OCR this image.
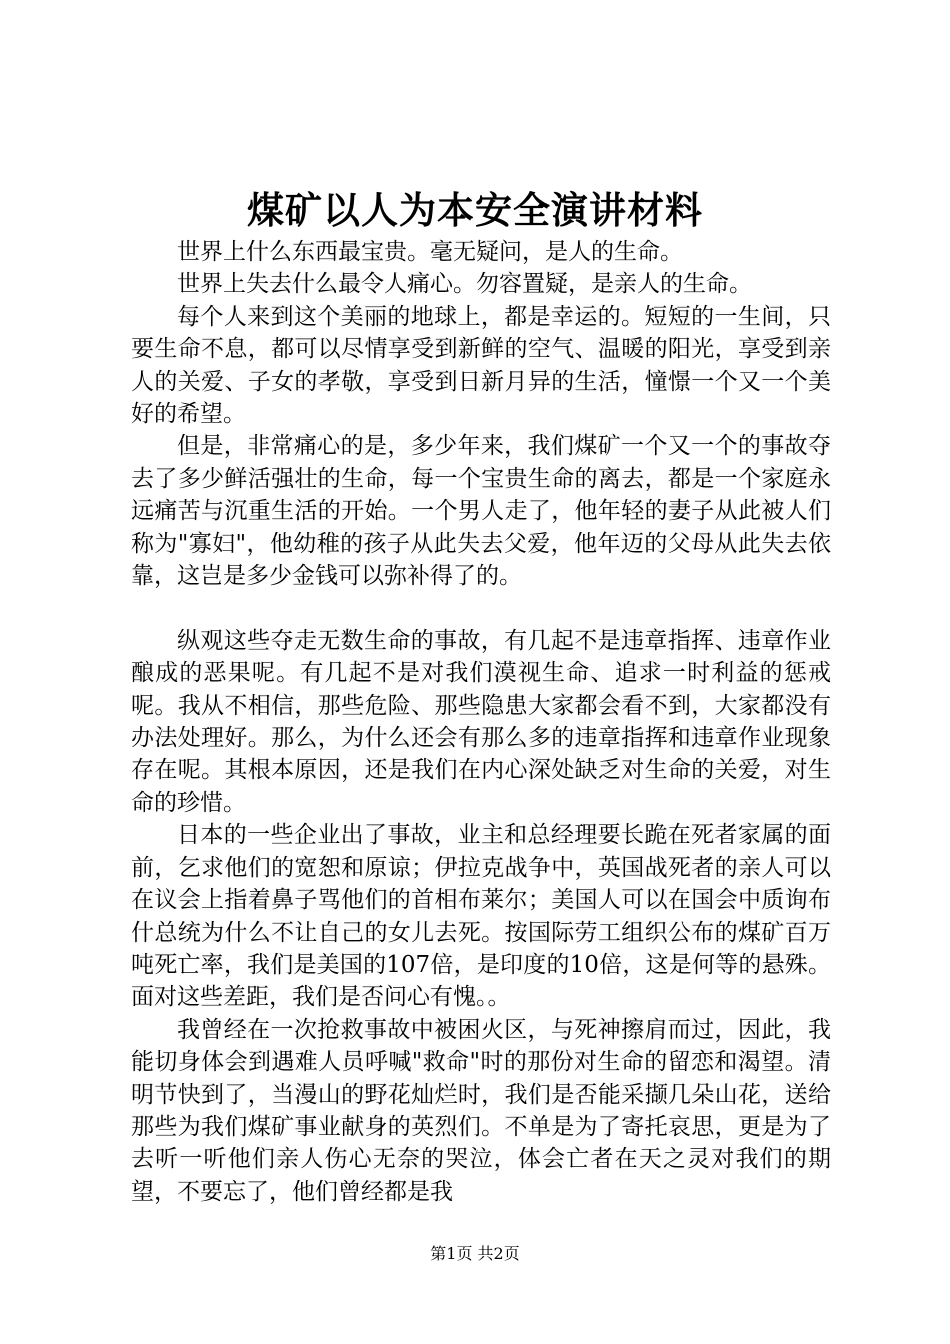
煤矿以人为本安全演讲材料

世界上什么东西最宝贵。毫无疑问，是人的生命。

世界上失去什么最令人痛心。勿容置疑，是亲人的生命。

每个人来到这个美丽的地球上，都是幸运的。短短的一生间，只要生命不息，都可以尽情享受到新鲜的空气、温暖的阳光，享受到亲人的关爱、子女的孝敬，享受到日新月异的生活，憧憬一个又一个美好的希望。

但是，非常痛心的是，多少年来，我们煤矿一个又一个的事故夺去了多少鲜活强壮的生命，每一个宝贵生命的离去，都是一个家庭永远痛苦与沉重生活的开始。一个男人走了，他年轻的妻子从此被人们称为"寡妇"，他幼稚的孩子从此失去父爱，他年迈的父母从此失去依靠，这岂是多少金钱可以弥补得了的。

纵观这些夺走无数生命的事故，有几起不是违章指挥、违章作业酿成的恶果呢。有几起不是对我们漠视生命、追求一时利益的惩戒呢。我从不相信，那些危险、那些隐患大家都会看不到，大家都没有办法处理好。那么，为什么还会有那么多的违章指挥和违章作业现象存在呢。其根本原因，还是我们在内心深处缺乏对生命的关爱，对生命的珍惜。

日本的一些企业出了事故，业主和总经理要长跪在死者家属的面前，乞求他们的宽恕和原谅；伊拉克战争中，英国战死者的亲人可以在议会上指着鼻子骂他们的首相布莱尔；美国人可以在国会中质询布什总统为什么不让自己的女儿去死。按国际劳工组织公布的煤矿百万吨死亡率，我们是美国的107倍，是印度的10倍，这是何等的悬殊。面对这些差距，我们是否问心有愧。。

我曾经在一次抢救事故中被困火区，与死神擦肩而过，因此，我能切身体会到遇难人员呼喊"救命"时的那份对生命的留恋和渴望。清明节快到了，当漫山的野花灿烂时，我们是否能采撷几朵山花，送给那些为我们煤矿事业献身的英烈们。不单是为了寄托哀思，更是为了去听一听他们亲人伤心无奈的哭泣，体会亡者在天之灵对我们的期望，不要忘了，他们曾经都是我

第1页 共2页
